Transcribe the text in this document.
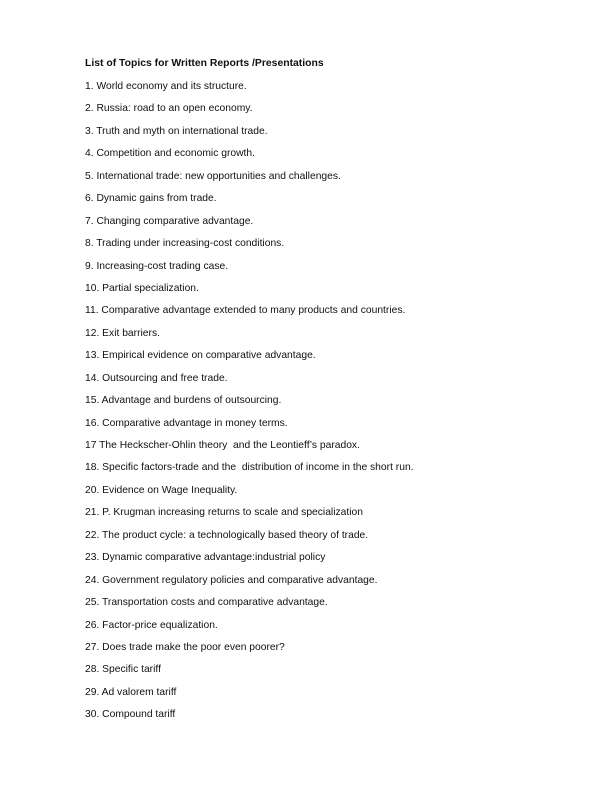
List of Topics for Written Reports /Presentations
1. World economy and its structure.
2. Russia: road to an open economy.
3. Truth and myth on international trade.
4. Competition and economic growth.
5. International trade: new opportunities and challenges.
6. Dynamic gains from trade.
7. Changing comparative advantage.
8. Trading under increasing-cost conditions.
9. Increasing-cost trading case.
10. Partial specialization.
11. Comparative advantage extended to many products and countries.
12. Exit barriers.
13. Empirical evidence on comparative advantage.
14. Outsourcing and free trade.
15. Advantage and burdens of outsourcing.
16. Comparative advantage in money terms.
17 The Heckscher-Ohlin theory  and the Leontieff’s paradox.
18. Specific factors-trade and the  distribution of income in the short run.
20. Evidence on Wage Inequality.
21. P. Krugman increasing returns to scale and specialization
22. The product cycle: a technologically based theory of trade.
23. Dynamic comparative advantage:industrial policy
24. Government regulatory policies and comparative advantage.
25. Transportation costs and comparative advantage.
26. Factor-price equalization.
27. Does trade make the poor even poorer?
28. Specific tariff
29. Ad valorem tariff
30. Compound tariff
